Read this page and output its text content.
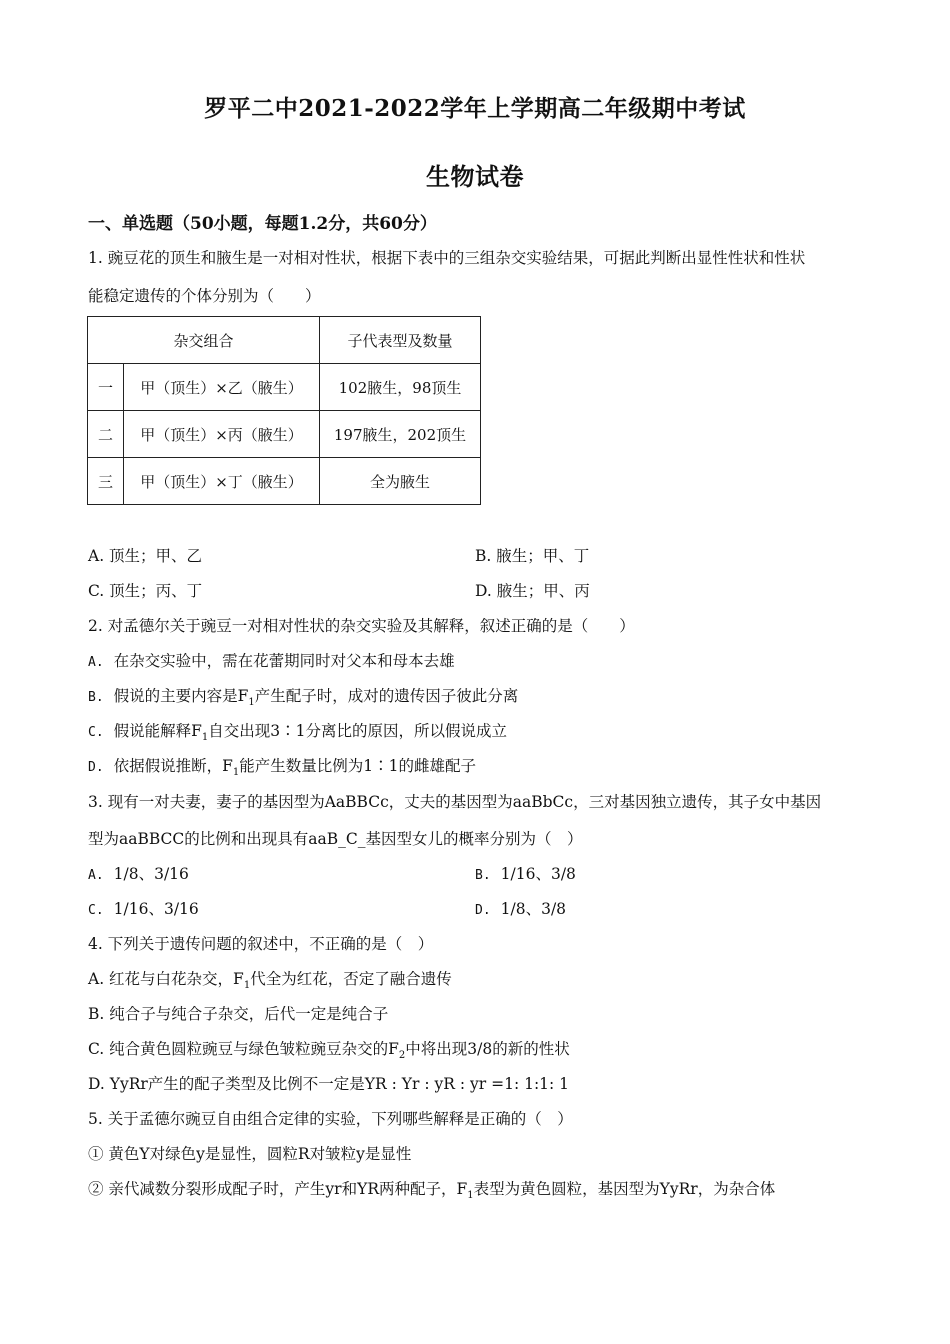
罗平二中2021-2022学年上学期高二年级期中考试
生物试卷
一、单选题（50小题，每题1.2分，共60分）
1. 豌豆花的顶生和腋生是一对相对性状，根据下表中的三组杂交实验结果，可据此判断出显性性状和性状
能稳定遗传的个体分别为（　　）
杂交组合		子代表型及数量
一	甲（顶生）×乙（腋生）	102腋生，98顶生
二	甲（顶生）×丙（腋生）	197腋生，202顶生
三	甲（顶生）×丁（腋生）	全为腋生
A. 顶生；甲、乙	B. 腋生；甲、丁
C. 顶生；丙、丁	D. 腋生；甲、丙
2. 对孟德尔关于豌豆一对相对性状的杂交实验及其解释，叙述正确的是（　　）
A. 在杂交实验中，需在花蕾期同时对父本和母本去雄
B. 假说的主要内容是$F_1$产生配子时，成对的遗传因子彼此分离
C. 假说能解释$F_1$自交出现3∶1分离比的原因，所以假说成立
D. 依据假说推断，$F_1$能产生数量比例为1∶1的雌雄配子
3. 现有一对夫妻，妻子的基因型为AaBBCc，丈夫的基因型为aaBbCc，三对基因独立遗传，其子女中基因
型为aaBBCC的比例和出现具有aaB_C_基因型女儿的概率分别为（　）
A. 1/8、3/16	B. 1/16、3/8
C. 1/16、3/16	D. 1/8、3/8
4. 下列关于遗传问题的叙述中，不正确的是（　）
A. 红花与白花杂交，$F_1$代全为红花，否定了融合遗传
B. 纯合子与纯合子杂交，后代一定是纯合子
C. 纯合黄色圆粒豌豆与绿色皱粒豌豆杂交的$F_2$中将出现3/8的新的性状
D. YyRr产生的配子类型及比例不一定是YR : Yr : yR : yr =1: 1:1: 1
5. 关于孟德尔豌豆自由组合定律的实验，下列哪些解释是正确的（　）
① 黄色Y对绿色y是显性，圆粒R对皱粒y是显性
② 亲代减数分裂形成配子时，产生yr和YR两种配子，$F_1$表型为黄色圆粒，基因型为YyRr，为杂合体
